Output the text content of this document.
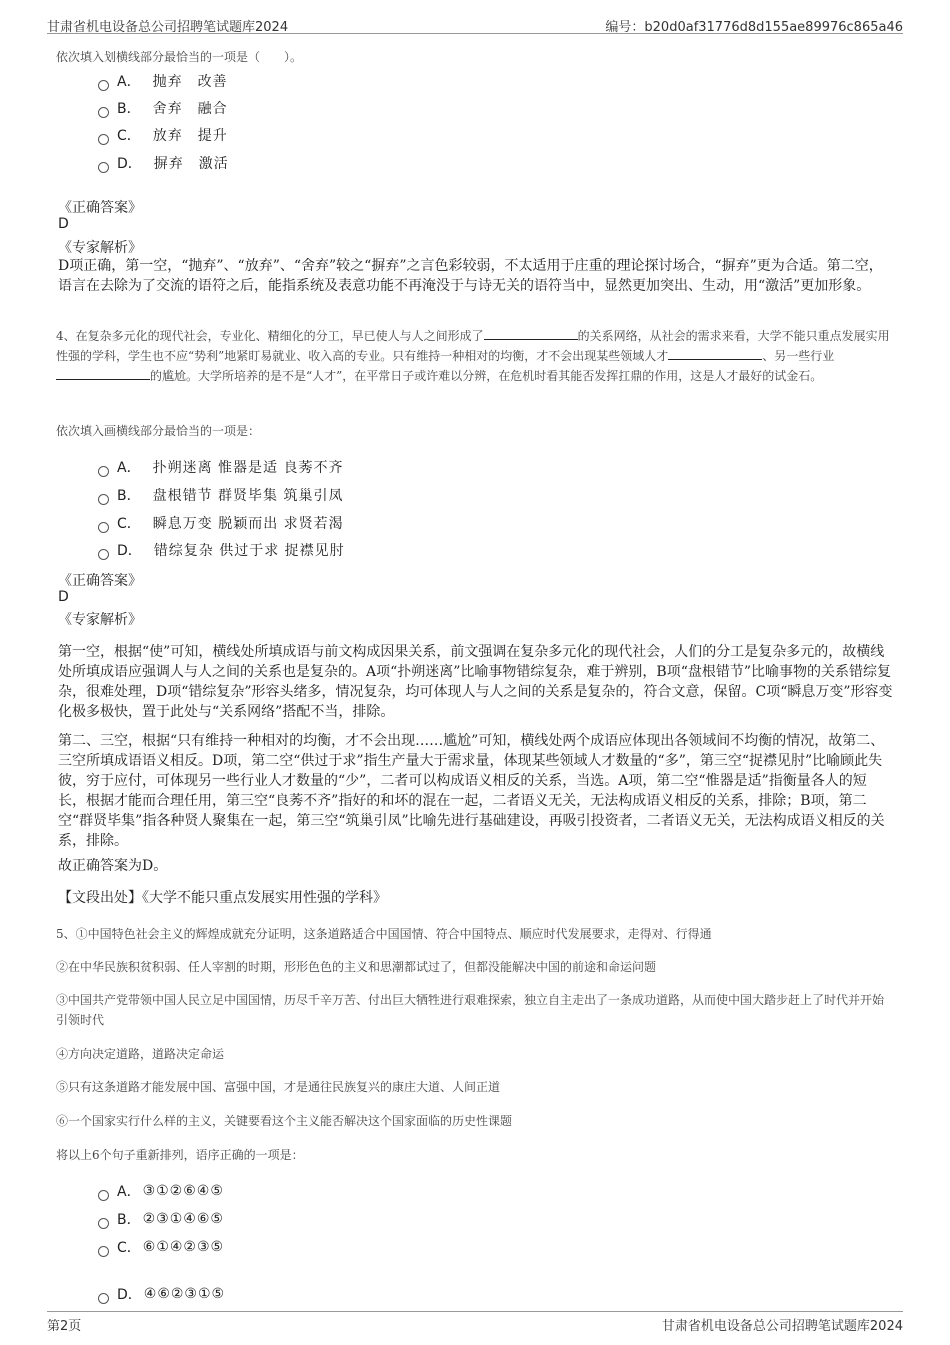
甘肃省机电设备总公司招聘笔试题库2024	编号：b20d0af31776d8d155ae89976c865a46
依次填入划横线部分最恰当的一项是（　　）。
A． 抛弃　改善
B． 舍弃　融合
C． 放弃　提升
D． 摒弃　激活
《正确答案》
D
《专家解析》
D项正确，第一空，“抛弃”、“放弃”、“舍弃”较之“摒弃”之言色彩较弱，不太适用于庄重的理论探讨场合，“摒弃”更为合适。第二空，语言在去除为了交流的语符之后，能指系统及表意功能不再淹没于与诗无关的语符当中，显然更加突出、生动，用“激活”更加形象。
4、在复杂多元化的现代社会，专业化、精细化的分工，早已使人与人之间形成了	的关系网络，从社会的需求来看，大学不能只重点发展实用性强的学科，学生也不应“势利”地紧盯易就业、收入高的专业。只有维持一种相对的均衡，才不会出现某些领域人才	、另一些行业的尴尬。大学所培养的是不是“人才”，在平常日子或许难以分辨，在危机时看其能否发挥扛鼎的作用，这是人才最好的试金石。
依次填入画横线部分最恰当的一项是：
A． 扑朔迷离 惟器是适 良莠不齐
B． 盘根错节 群贤毕集 筑巢引凤
C． 瞬息万变 脱颖而出 求贤若渴
D． 错综复杂 供过于求 捉襟见肘
《正确答案》
D
《专家解析》
第一空，根据“使”可知，横线处所填成语与前文构成因果关系，前文强调在复杂多元化的现代社会，人们的分工是复杂多元的，故横线处所填成语应强调人与人之间的关系也是复杂的。A项“扑朔迷离”比喻事物错综复杂，难于辨别，B项“盘根错节”比喻事物的关系错综复杂，很难处理，D项“错综复杂”形容头绪多，情况复杂，均可体现人与人之间的关系是复杂的，符合文意，保留。C项“瞬息万变”形容变化极多极快，置于此处与“关系网络”搭配不当，排除。
第二、三空，根据“只有维持一种相对的均衡，才不会出现……尴尬”可知，横线处两个成语应体现出各领域间不均衡的情况，故第二、三空所填成语语义相反。D项，第二空“供过于求”指生产量大于需求量，体现某些领域人才数量的“多”，第三空“捉襟见肘”比喻顾此失彼，穷于应付，可体现另一些行业人才数量的“少”，二者可以构成语义相反的关系，当选。A项，第二空“惟器是适”指衡量各人的短长，根据才能而合理任用，第三空“良莠不齐”指好的和坏的混在一起，二者语义无关，无法构成语义相反的关系，排除；B项，第二空“群贤毕集”指各种贤人聚集在一起，第三空“筑巢引凤”比喻先进行基础建设，再吸引投资者，二者语义无关，无法构成语义相反的关系，排除。
故正确答案为D。
【文段出处】《大学不能只重点发展实用性强的学科》
5、①中国特色社会主义的辉煌成就充分证明，这条道路适合中国国情、符合中国特点、顺应时代发展要求，走得对、行得通
②在中华民族积贫积弱、任人宰割的时期，形形色色的主义和思潮都试过了，但都没能解决中国的前途和命运问题
③中国共产党带领中国人民立足中国国情，历尽千辛万苦、付出巨大牺牲进行艰难探索，独立自主走出了一条成功道路，从而使中国大踏步赶上了时代并开始引领时代
④方向决定道路，道路决定命运
⑤只有这条道路才能发展中国、富强中国，才是通往民族复兴的康庄大道、人间正道
⑥一个国家实行什么样的主义，关键要看这个主义能否解决这个国家面临的历史性课题
将以上6个句子重新排列，语序正确的一项是：
A． ③①②⑥④⑤
B． ②③①④⑥⑤
C． ⑥①④②③⑤
D． ④⑥②③①⑤
第2页	甘肃省机电设备总公司招聘笔试题库2024
